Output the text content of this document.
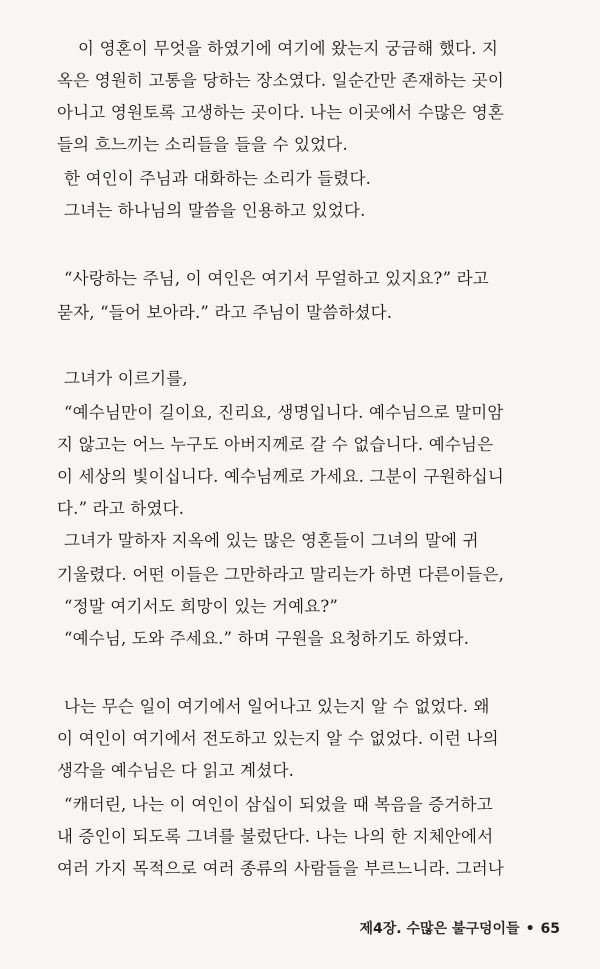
이 영혼이 무엇을 하였기에 여기에 왔는지 궁금해 했다. 지
옥은 영원히 고통을 당하는 장소였다. 일순간만 존재하는 곳이
아니고 영원토록 고생하는 곳이다. 나는 이곳에서 수많은 영혼
들의 흐느끼는 소리들을 들을 수 있었다.
한 여인이 주님과 대화하는 소리가 들렸다.
그녀는 하나님의 말씀을 인용하고 있었다.
“사랑하는 주님, 이 여인은 여기서 무얼하고 있지요?” 라고
묻자, “들어 보아라.” 라고 주님이 말씀하셨다.
그녀가 이르기를,
“예수님만이 길이요, 진리요, 생명입니다. 예수님으로 말미암
지 않고는 어느 누구도 아버지께로 갈 수 없습니다. 예수님은
이 세상의 빛이십니다. 예수님께로 가세요. 그분이 구원하십니
다.” 라고 하였다.
그녀가 말하자 지옥에 있는 많은 영혼들이 그녀의 말에 귀
기울렸다. 어떤 이들은 그만하라고 말리는가 하면 다른이들은,
“정말 여기서도 희망이 있는 거예요?”
“예수님, 도와 주세요.” 하며 구원을 요청하기도 하였다.
나는 무슨 일이 여기에서 일어나고 있는지 알 수 없었다. 왜
이 여인이 여기에서 전도하고 있는지 알 수 없었다. 이런 나의
생각을 예수님은 다 읽고 계셨다.
“캐더린, 나는 이 여인이 삼십이 되었을 때 복음을 증거하고
내 증인이 되도록 그녀를 불렀단다. 나는 나의 한 지체안에서
여러 가지 목적으로 여러 종류의 사람들을 부르느니라. 그러나
제4장. 수많은 불구덩이들 • 65
